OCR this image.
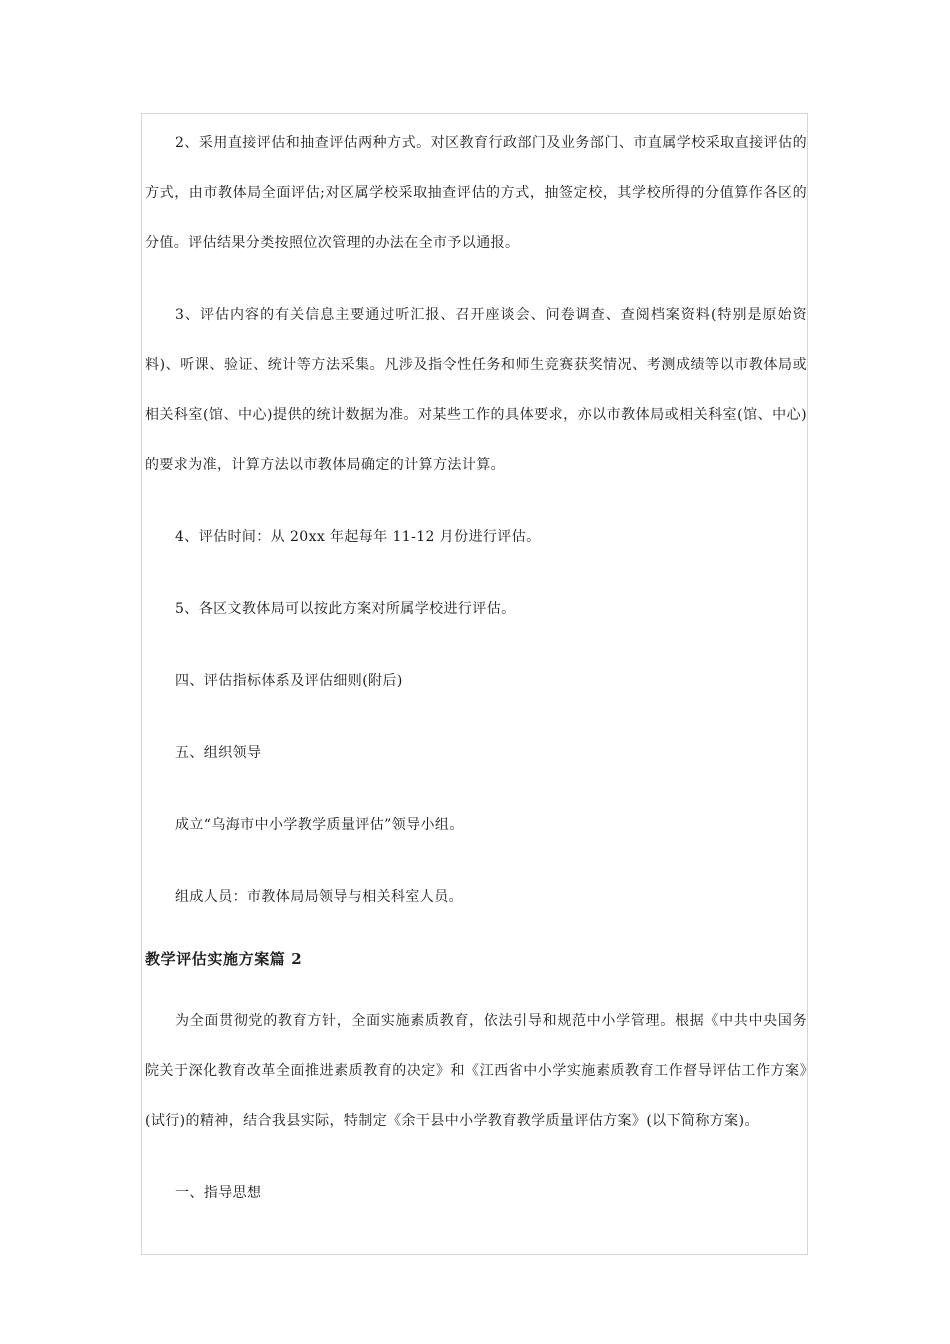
2、采用直接评估和抽查评估两种方式。对区教育行政部门及业务部门、市直属学校采取直接评估的方式，由市教体局全面评估;对区属学校采取抽查评估的方式，抽签定校，其学校所得的分值算作各区的分值。评估结果分类按照位次管理的办法在全市予以通报。

3、评估内容的有关信息主要通过听汇报、召开座谈会、问卷调查、查阅档案资料(特别是原始资料)、听课、验证、统计等方法采集。凡涉及指令性任务和师生竞赛获奖情况、考测成绩等以市教体局或相关科室(馆、中心)提供的统计数据为准。对某些工作的具体要求，亦以市教体局或相关科室(馆、中心)的要求为准，计算方法以市教体局确定的计算方法计算。

4、评估时间：从 20xx 年起每年 11-12 月份进行评估。

5、各区文教体局可以按此方案对所属学校进行评估。

四、评估指标体系及评估细则(附后)

五、组织领导

成立“乌海市中小学教学质量评估”领导小组。

组成人员：市教体局局领导与相关科室人员。

教学评估实施方案篇 2

为全面贯彻党的教育方针，全面实施素质教育，依法引导和规范中小学管理。根据《中共中央国务院关于深化教育改革全面推进素质教育的决定》和《江西省中小学实施素质教育工作督导评估工作方案》(试行)的精神，结合我县实际，特制定《余干县中小学教育教学质量评估方案》(以下简称方案)。

一、指导思想
